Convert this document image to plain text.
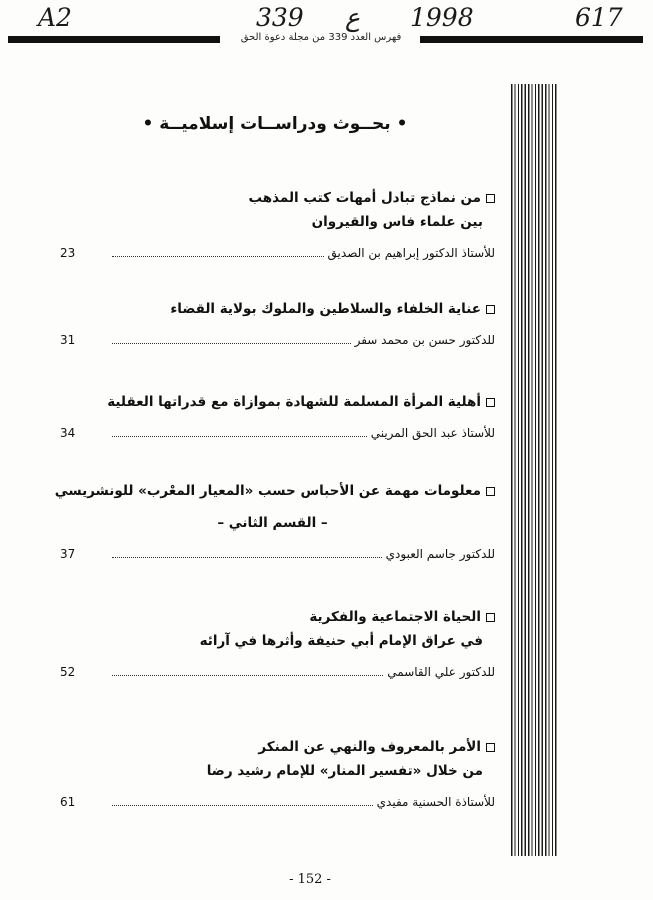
A2	339 ع 1998	617
فهرس العدد 339 من مجلة دعوة الحق
• بحــوث ودراســات إسلاميــة •
من نماذج تبادل أمهات كتب المذهب
بين علماء فاس والقيروان
23	للأستاذ الدكتور إبراهيم بن الصديق
عناية الخلفاء والسلاطين والملوك بولاية القضاء
31	للدكتور حسن بن محمد سفر
أهلية المرأة المسلمة للشهادة بموازاة مع قدراتها العقلية
34	للأستاذ عبد الحق المريني
معلومات مهمة عن الأحباس حسب «المعيار المعْرب» للونشريسي
– القسم الثاني –
37	للدكتور جاسم العبودي
الحياة الاجتماعية والفكرية
في عراق الإمام أبي حنيفة وأثرها في آرائه
52	للدكتور علي القاسمي
الأمر بالمعروف والنهي عن المنكر
من خلال «تفسير المنار» للإمام رشيد رضا
61	للأستاذة الحسنية مفيدي
- 152 -
